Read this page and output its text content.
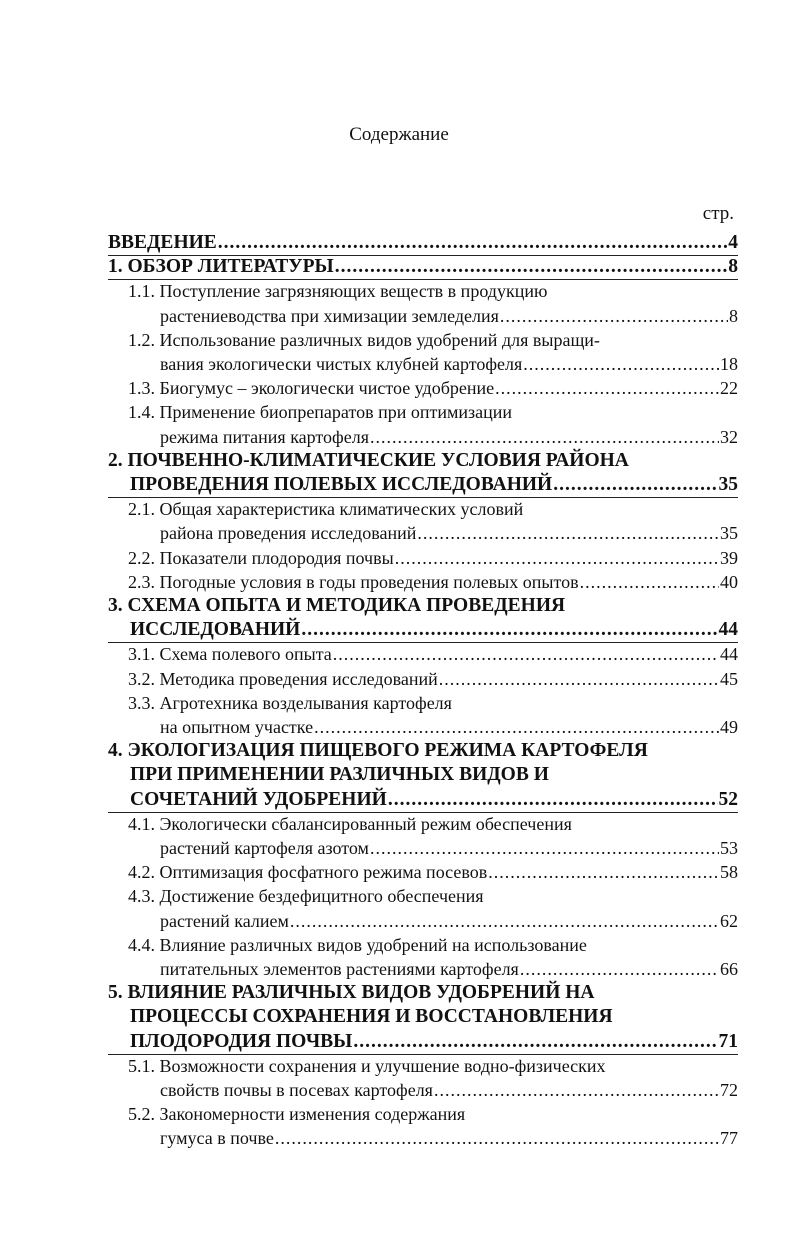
Содержание
стр.
ВВЕДЕНИЕ .....	4
1. ОБЗОР ЛИТЕРАТУРЫ .....	8
1.1. Поступление загрязняющих веществ в продукцию
растениеводства при химизации земледелия .....	8
1.2. Использование различных видов удобрений для выращи-
вания экологически чистых клубней картофеля .....	18
1.3. Биогумус – экологически чистое удобрение .....	22
1.4. Применение биопрепаратов при оптимизации
режима питания картофеля .....	32
2. ПОЧВЕННО-КЛИМАТИЧЕСКИЕ УСЛОВИЯ РАЙОНА
ПРОВЕДЕНИЯ ПОЛЕВЫХ ИССЛЕДОВАНИЙ .....	35
2.1. Общая характеристика климатических условий
района проведения исследований .....	35
2.2. Показатели плодородия почвы .....	39
2.3. Погодные условия в годы проведения полевых опытов .....	40
3. СХЕМА ОПЫТА И МЕТОДИКА ПРОВЕДЕНИЯ
ИССЛЕДОВАНИЙ .....	44
3.1. Схема полевого опыта .....	44
3.2. Методика проведения исследований .....	45
3.3. Агротехника возделывания картофеля
на опытном участке .....	49
4. ЭКОЛОГИЗАЦИЯ ПИЩЕВОГО РЕЖИМА КАРТОФЕЛЯ
ПРИ ПРИМЕНЕНИИ РАЗЛИЧНЫХ ВИДОВ И
СОЧЕТАНИЙ УДОБРЕНИЙ .....	52
4.1. Экологически сбалансированный режим обеспечения
растений картофеля азотом .....	53
4.2. Оптимизация фосфатного режима посевов .....	58
4.3. Достижение бездефицитного обеспечения
растений калием .....	62
4.4. Влияние различных видов удобрений на использование
питательных элементов растениями картофеля .....	66
5. ВЛИЯНИЕ РАЗЛИЧНЫХ ВИДОВ УДОБРЕНИЙ НА
ПРОЦЕССЫ СОХРАНЕНИЯ И ВОССТАНОВЛЕНИЯ
ПЛОДОРОДИЯ ПОЧВЫ .....	71
5.1. Возможности сохранения и улучшение водно-физических
свойств почвы в посевах картофеля .....	72
5.2. Закономерности изменения содержания
гумуса в почве .....	77
